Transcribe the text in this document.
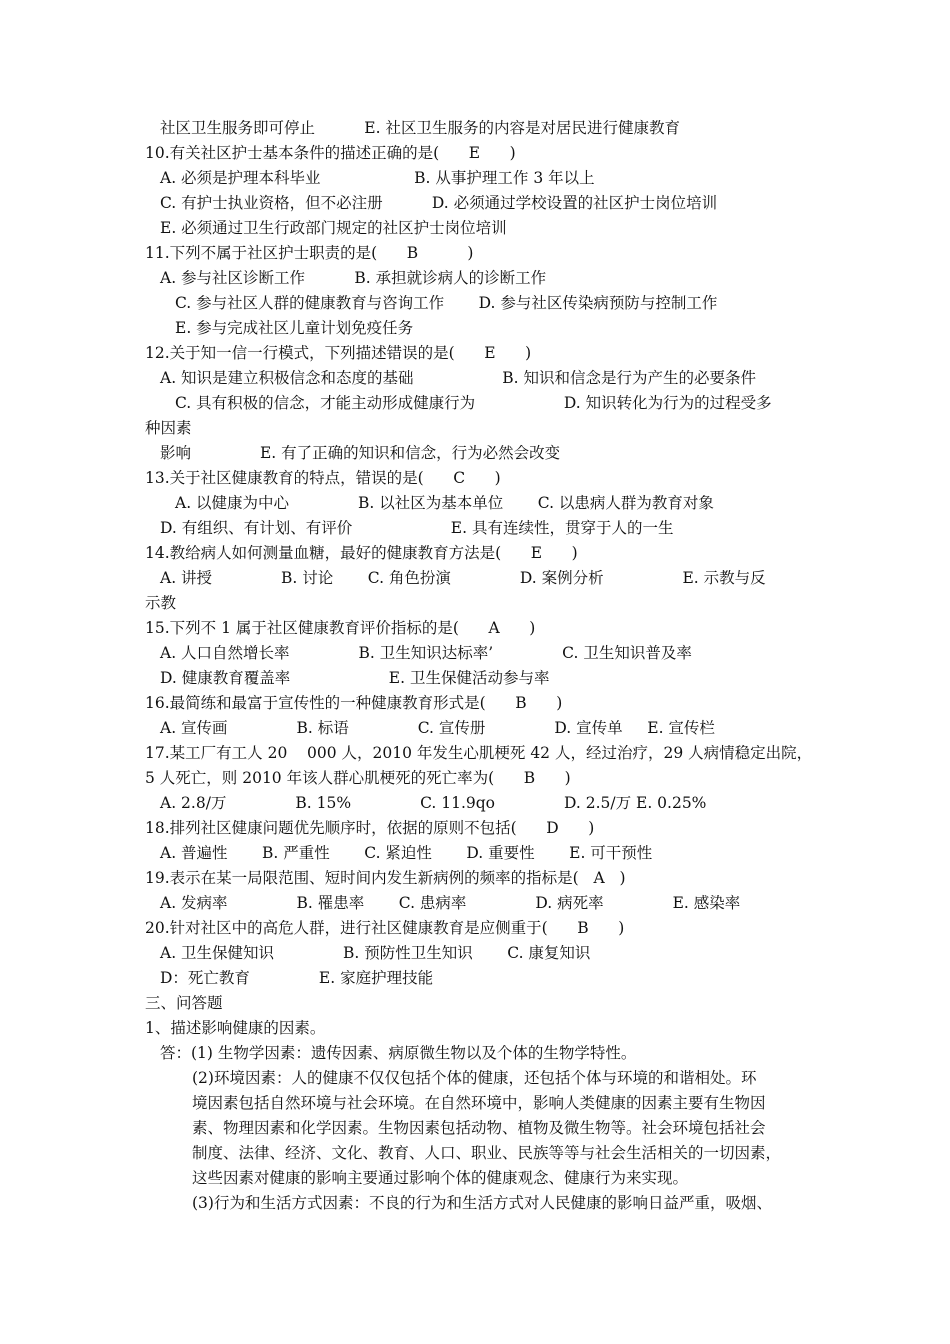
社区卫生服务即可停止          E. 社区卫生服务的内容是对居民进行健康教育
10.有关社区护士基本条件的描述正确的是(      E      )
A. 必须是护理本科毕业                   B. 从事护理工作 3 年以上
C. 有护士执业资格，但不必注册          D. 必须通过学校设置的社区护士岗位培训
E. 必须通过卫生行政部门规定的社区护士岗位培训
11.下列不属于社区护士职责的是(      B          )
A. 参与社区诊断工作          B. 承担就诊病人的诊断工作
C. 参与社区人群的健康教育与咨询工作       D. 参与社区传染病预防与控制工作
E. 参与完成社区儿童计划免疫任务
12.关于知一信一行模式，下列描述错误的是(      E      )
A. 知识是建立积极信念和态度的基础                  B. 知识和信念是行为产生的必要条件
C. 具有积极的信念，才能主动形成健康行为                  D. 知识转化为行为的过程受多
种因素
影响              E. 有了正确的知识和信念，行为必然会改变
13.关于社区健康教育的特点，错误的是(      C      )
A. 以健康为中心              B. 以社区为基本单位       C. 以患病人群为教育对象
D. 有组织、有计划、有评价                    E. 具有连续性，贯穿于人的一生
14.教给病人如何测量血糖，最好的健康教育方法是(      E      )
A. 讲授              B. 讨论       C. 角色扮演              D. 案例分析                E. 示教与反
示教
15.下列不 1 属于社区健康教育评价指标的是(      A      )
A. 人口自然增长率              B. 卫生知识达标率’              C. 卫生知识普及率
D. 健康教育覆盖率                    E. 卫生保健活动参与率
16.最简练和最富于宣传性的一种健康教育形式是(      B      )
A. 宣传画              B. 标语              C. 宣传册              D. 宣传单     E. 宣传栏
17.某工厂有工人 20    000 人，2010 年发生心肌梗死 42 人，经过治疗，29 人病情稳定出院，
5 人死亡，则 2010 年该人群心肌梗死的死亡率为(      B      )
A. 2.8/万              B. 15%              C. 11.9qo              D. 2.5/万 E. 0.25%
18.排列社区健康问题优先顺序时，依据的原则不包括(      D      )
A. 普遍性       B. 严重性       C. 紧迫性       D. 重要性       E. 可干预性
19.表示在某一局限范围、短时间内发生新病例的频率的指标是(   A   )
A. 发病率              B. 罹患率       C. 患病率              D. 病死率              E. 感染率
20.针对社区中的高危人群，进行社区健康教育是应侧重于(      B      )
A. 卫生保健知识              B. 预防性卫生知识       C. 康复知识
D：死亡教育              E. 家庭护理技能
三、问答题
1、描述影响健康的因素。
答：(1) 生物学因素：遗传因素、病原微生物以及个体的生物学特性。
(2)环境因素：人的健康不仅仅包括个体的健康，还包括个体与环境的和谐相处。环
境因素包括自然环境与社会环境。在自然环境中，影响人类健康的因素主要有生物因
素、物理因素和化学因素。生物因素包括动物、植物及微生物等。社会环境包括社会
制度、法律、经济、文化、教育、人口、职业、民族等等与社会生活相关的一切因素，
这些因素对健康的影响主要通过影响个体的健康观念、健康行为来实现。
(3)行为和生活方式因素：不良的行为和生活方式对人民健康的影响日益严重，吸烟、
